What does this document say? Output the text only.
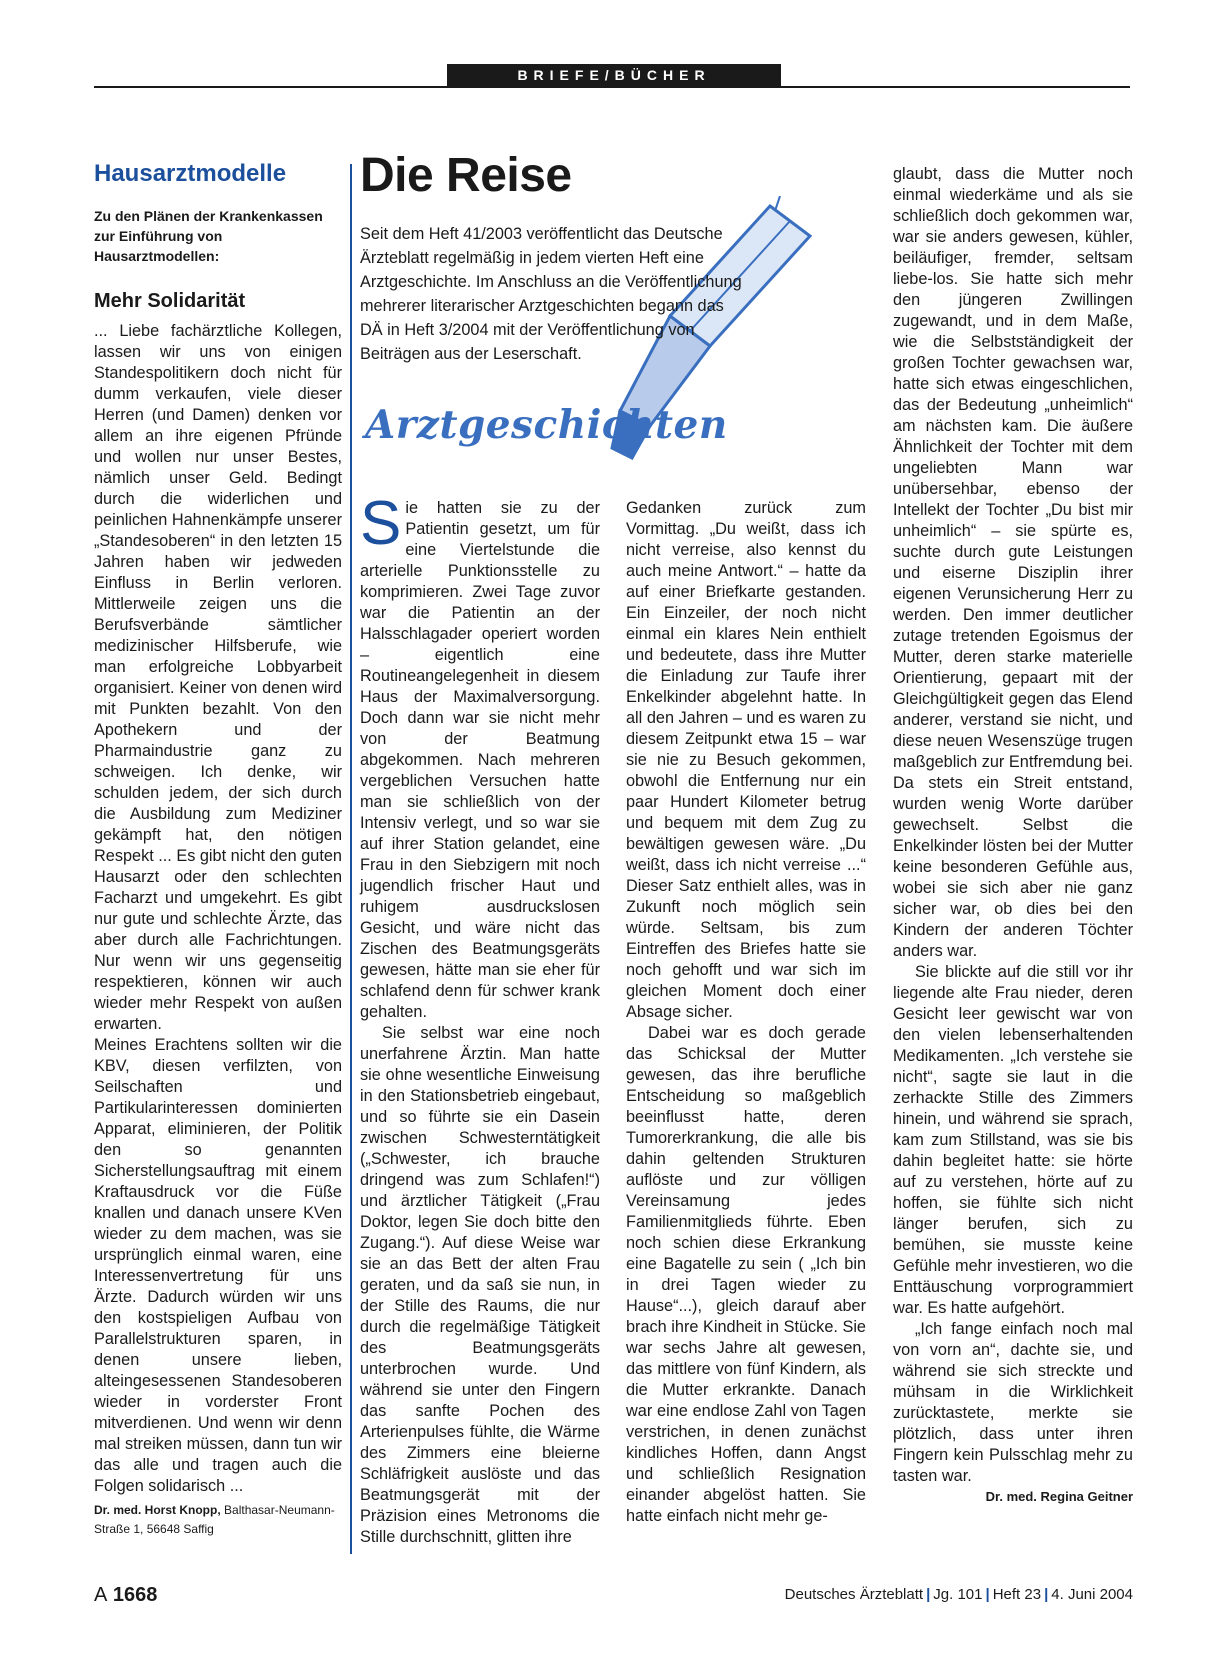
BRIEFE/BÜCHER
Hausarztmodelle

Zu den Plänen der Krankenkassen zur Einführung von Hausarztmodellen:

Mehr Solidarität

... Liebe fachärztliche Kollegen, lassen wir uns von einigen Standespolitikern doch nicht für dumm verkaufen, viele dieser Herren (und Damen) denken vor allem an ihre eigenen Pfründe und wollen nur unser Bestes, nämlich unser Geld. Bedingt durch die widerlichen und peinlichen Hahnenkämpfe unserer „Standesoberen“ in den letzten 15 Jahren haben wir jedweden Einfluss in Berlin verloren. Mittlerweile zeigen uns die Berufsverbände sämtlicher medizinischer Hilfsberufe, wie man erfolgreiche Lobbyarbeit organisiert. Keiner von denen wird mit Punkten bezahlt. Von den Apothekern und der Pharmaindustrie ganz zu schweigen. Ich denke, wir schulden jedem, der sich durch die Ausbildung zum Mediziner gekämpft hat, den nötigen Respekt ... Es gibt nicht den guten Hausarzt oder den schlechten Facharzt und umgekehrt. Es gibt nur gute und schlechte Ärzte, das aber durch alle Fachrichtungen. Nur wenn wir uns gegenseitig respektieren, können wir auch wieder mehr Respekt von außen erwarten.

Meines Erachtens sollten wir die KBV, diesen verfilzten, von Seilschaften und Partikularinteressen dominierten Apparat, eliminieren, der Politik den so genannten Sicherstellungsauftrag mit einem Kraftausdruck vor die Füße knallen und danach unsere KVen wieder zu dem machen, was sie ursprünglich einmal waren, eine Interessenvertretung für uns Ärzte. Dadurch würden wir uns den kostspieligen Aufbau von Parallelstrukturen sparen, in denen unsere lieben, alteingesessenen Standesoberen wieder in vorderster Front mitverdienen. Und wenn wir denn mal streiken müssen, dann tun wir das alle und tragen auch die Folgen solidarisch ...

Dr. med. Horst Knopp, Balthasar-Neumann-Straße 1, 56648 Saffig
Die Reise

Seit dem Heft 41/2003 veröffentlicht das Deutsche Ärzteblatt regelmäßig in jedem vierten Heft eine Arztgeschichte. Im Anschluss an die Veröffentlichung mehrerer literarischer Arztgeschichten begann das DÄ in Heft 3/2004 mit der Veröffentlichung von Beiträgen aus der Leserschaft.

Arztgeschichten

Sie hatten sie zu der Patientin gesetzt, um für eine Viertelstunde die arterielle Punktionsstelle zu komprimieren. Zwei Tage zuvor war die Patientin an der Halsschlagader operiert worden – eigentlich eine Routineangelegenheit in diesem Haus der Maximalversorgung. Doch dann war sie nicht mehr von der Beatmung abgekommen. Nach mehreren vergeblichen Versuchen hatte man sie schließlich von der Intensiv verlegt, und so war sie auf ihrer Station gelandet, eine Frau in den Siebzigern mit noch jugendlich frischer Haut und ruhigem ausdruckslosen Gesicht, und wäre nicht das Zischen des Beatmungsgeräts gewesen, hätte man sie eher für schlafend denn für schwer krank gehalten.

Sie selbst war eine noch unerfahrene Ärztin. Man hatte sie ohne wesentliche Einweisung in den Stationsbetrieb eingebaut, und so führte sie ein Dasein zwischen Schwesterntätigkeit („Schwester, ich brauche dringend was zum Schlafen!“) und ärztlicher Tätigkeit („Frau Doktor, legen Sie doch bitte den Zugang.“). Auf diese Weise war sie an das Bett der alten Frau geraten, und da saß sie nun, in der Stille des Raums, die nur durch die regelmäßige Tätigkeit des Beatmungsgeräts unterbrochen wurde. Und während sie unter den Fingern das sanfte Pochen des Arterienpulses fühlte, die Wärme des Zimmers eine bleierne Schläfrigkeit auslöste und das Beatmungsgerät mit der Präzision eines Metronoms die Stille durchschnitt, glitten ihre

Gedanken zurück zum Vormittag. „Du weißt, dass ich nicht verreise, also kennst du auch meine Antwort.“ – hatte da auf einer Briefkarte gestanden. Ein Einzeiler, der noch nicht einmal ein klares Nein enthielt und bedeutete, dass ihre Mutter die Einladung zur Taufe ihrer Enkelkinder abgelehnt hatte. In all den Jahren – und es waren zu diesem Zeitpunkt etwa 15 – war sie nie zu Besuch gekommen, obwohl die Entfernung nur ein paar Hundert Kilometer betrug und bequem mit dem Zug zu bewältigen gewesen wäre. „Du weißt, dass ich nicht verreise ...“ Dieser Satz enthielt alles, was in Zukunft noch möglich sein würde. Seltsam, bis zum Eintreffen des Briefes hatte sie noch gehofft und war sich im gleichen Moment doch einer Absage sicher.

Dabei war es doch gerade das Schicksal der Mutter gewesen, das ihre berufliche Entscheidung so maßgeblich beeinflusst hatte, deren Tumorerkrankung, die alle bis dahin geltenden Strukturen auflöste und zur völligen Vereinsamung jedes Familienmitglieds führte. Eben noch schien diese Erkrankung eine Bagatelle zu sein ( „Ich bin in drei Tagen wieder zu Hause“...), gleich darauf aber brach ihre Kindheit in Stücke. Sie war sechs Jahre alt gewesen, das mittlere von fünf Kindern, als die Mutter erkrankte. Danach war eine endlose Zahl von Tagen verstrichen, in denen zunächst kindliches Hoffen, dann Angst und schließlich Resignation einander abgelöst hatten. Sie hatte einfach nicht mehr ge-

glaubt, dass die Mutter noch einmal wiederkäme und als sie schließlich doch gekommen war, war sie anders gewesen, kühler, beiläufiger, fremder, seltsam liebe-los. Sie hatte sich mehr den jüngeren Zwillingen zugewandt, und in dem Maße, wie die Selbstständigkeit der großen Tochter gewachsen war, hatte sich etwas eingeschlichen, das der Bedeutung „unheimlich“ am nächsten kam. Die äußere Ähnlichkeit der Tochter mit dem ungeliebten Mann war unübersehbar, ebenso der Intellekt der Tochter „Du bist mir unheimlich“ – sie spürte es, suchte durch gute Leistungen und eiserne Disziplin ihrer eigenen Verunsicherung Herr zu werden. Den immer deutlicher zutage tretenden Egoismus der Mutter, deren starke materielle Orientierung, gepaart mit der Gleichgültigkeit gegen das Elend anderer, verstand sie nicht, und diese neuen Wesenszüge trugen maßgeblich zur Entfremdung bei. Da stets ein Streit entstand, wurden wenig Worte darüber gewechselt. Selbst die Enkelkinder lösten bei der Mutter keine besonderen Gefühle aus, wobei sie sich aber nie ganz sicher war, ob dies bei den Kindern der anderen Töchter anders war.

Sie blickte auf die still vor ihr liegende alte Frau nieder, deren Gesicht leer gewischt war von den vielen lebenserhaltenden Medikamenten. „Ich verstehe sie nicht“, sagte sie laut in die zerhackte Stille des Zimmers hinein, und während sie sprach, kam zum Stillstand, was sie bis dahin begleitet hatte: sie hörte auf zu verstehen, hörte auf zu hoffen, sie fühlte sich nicht länger berufen, sich zu bemühen, sie musste keine Gefühle mehr investieren, wo die Enttäuschung vorprogrammiert war. Es hatte aufgehört.

„Ich fange einfach noch mal von vorn an“, dachte sie, und während sie sich streckte und mühsam in die Wirklichkeit zurücktastete, merkte sie plötzlich, dass unter ihren Fingern kein Pulsschlag mehr zu tasten war.

Dr. med. Regina Geitner
A 1668	Deutsches Ärzteblatt | Jg. 101 | Heft 23 | 4. Juni 2004
